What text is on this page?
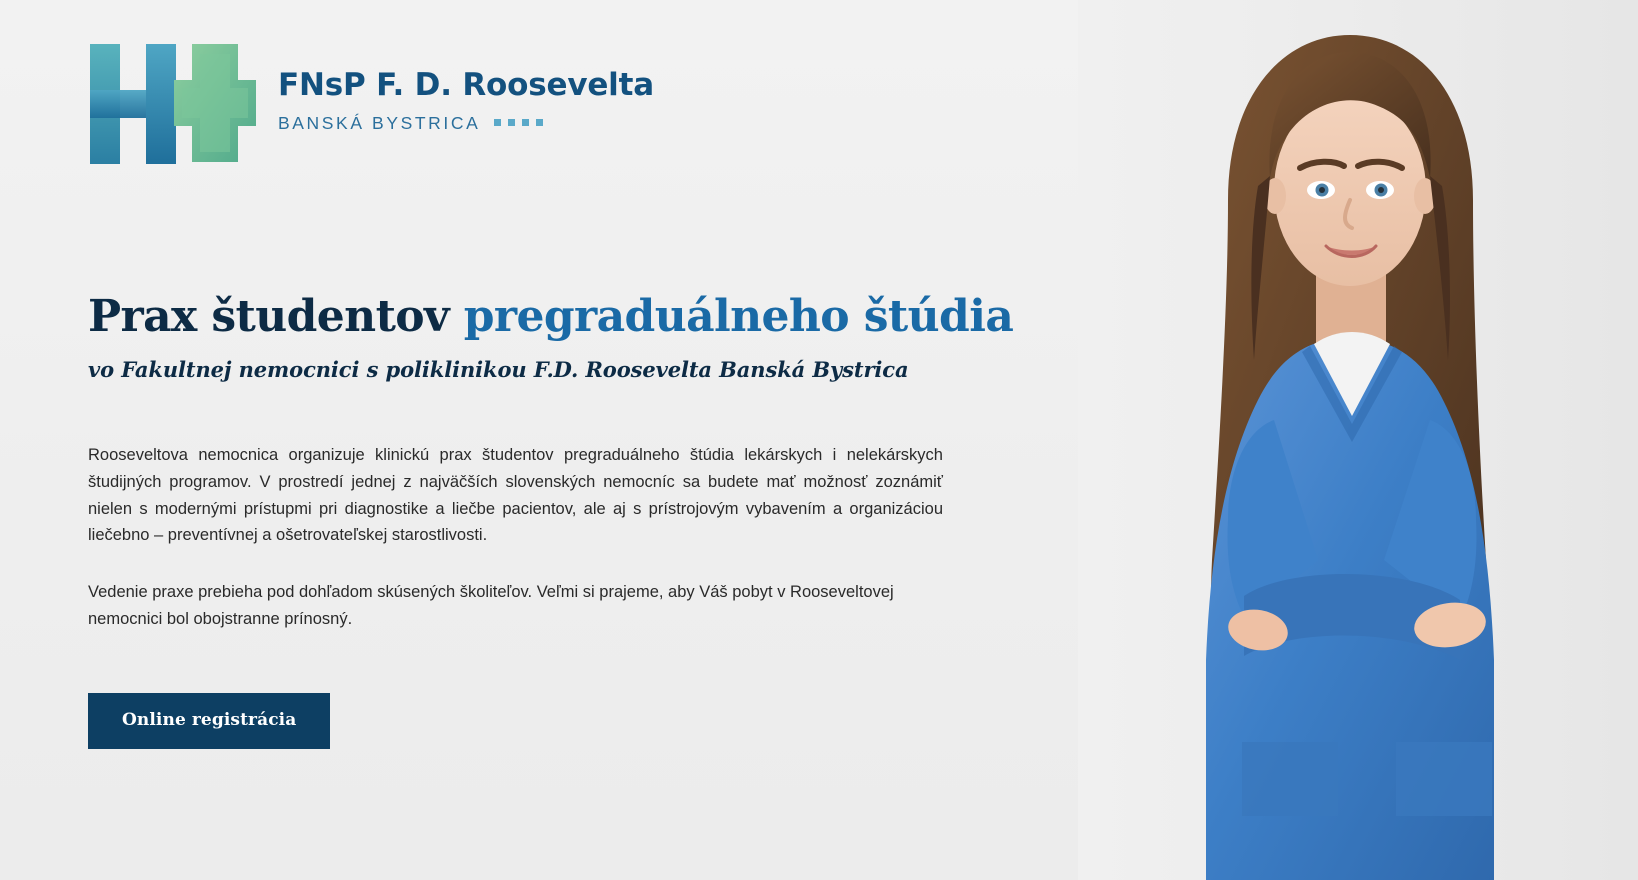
FNsP F. D. Roosevelta
BANSKÁ BYSTRICA
Prax študentov pregraduálneho štúdia
vo Fakultnej nemocnici s poliklinikou F.D. Roosevelta Banská Bystrica

Rooseveltova nemocnica organizuje klinickú prax študentov pregraduálneho štúdia lekárskych i nelekárskych študijných programov. V prostredí jednej z najväčších slovenských nemocníc sa budete mať možnosť zoznámiť nielen s modernými prístupmi pri diagnostike a liečbe pacientov, ale aj s prístrojovým vybavením a organizáciou liečebno – preventívnej a ošetrovateľskej starostlivosti.

Vedenie praxe prebieha pod dohľadom skúsených školiteľov. Veľmi si prajeme, aby Váš pobyt v Rooseveltovej nemocnici bol obojstranne prínosný.

Online registrácia
